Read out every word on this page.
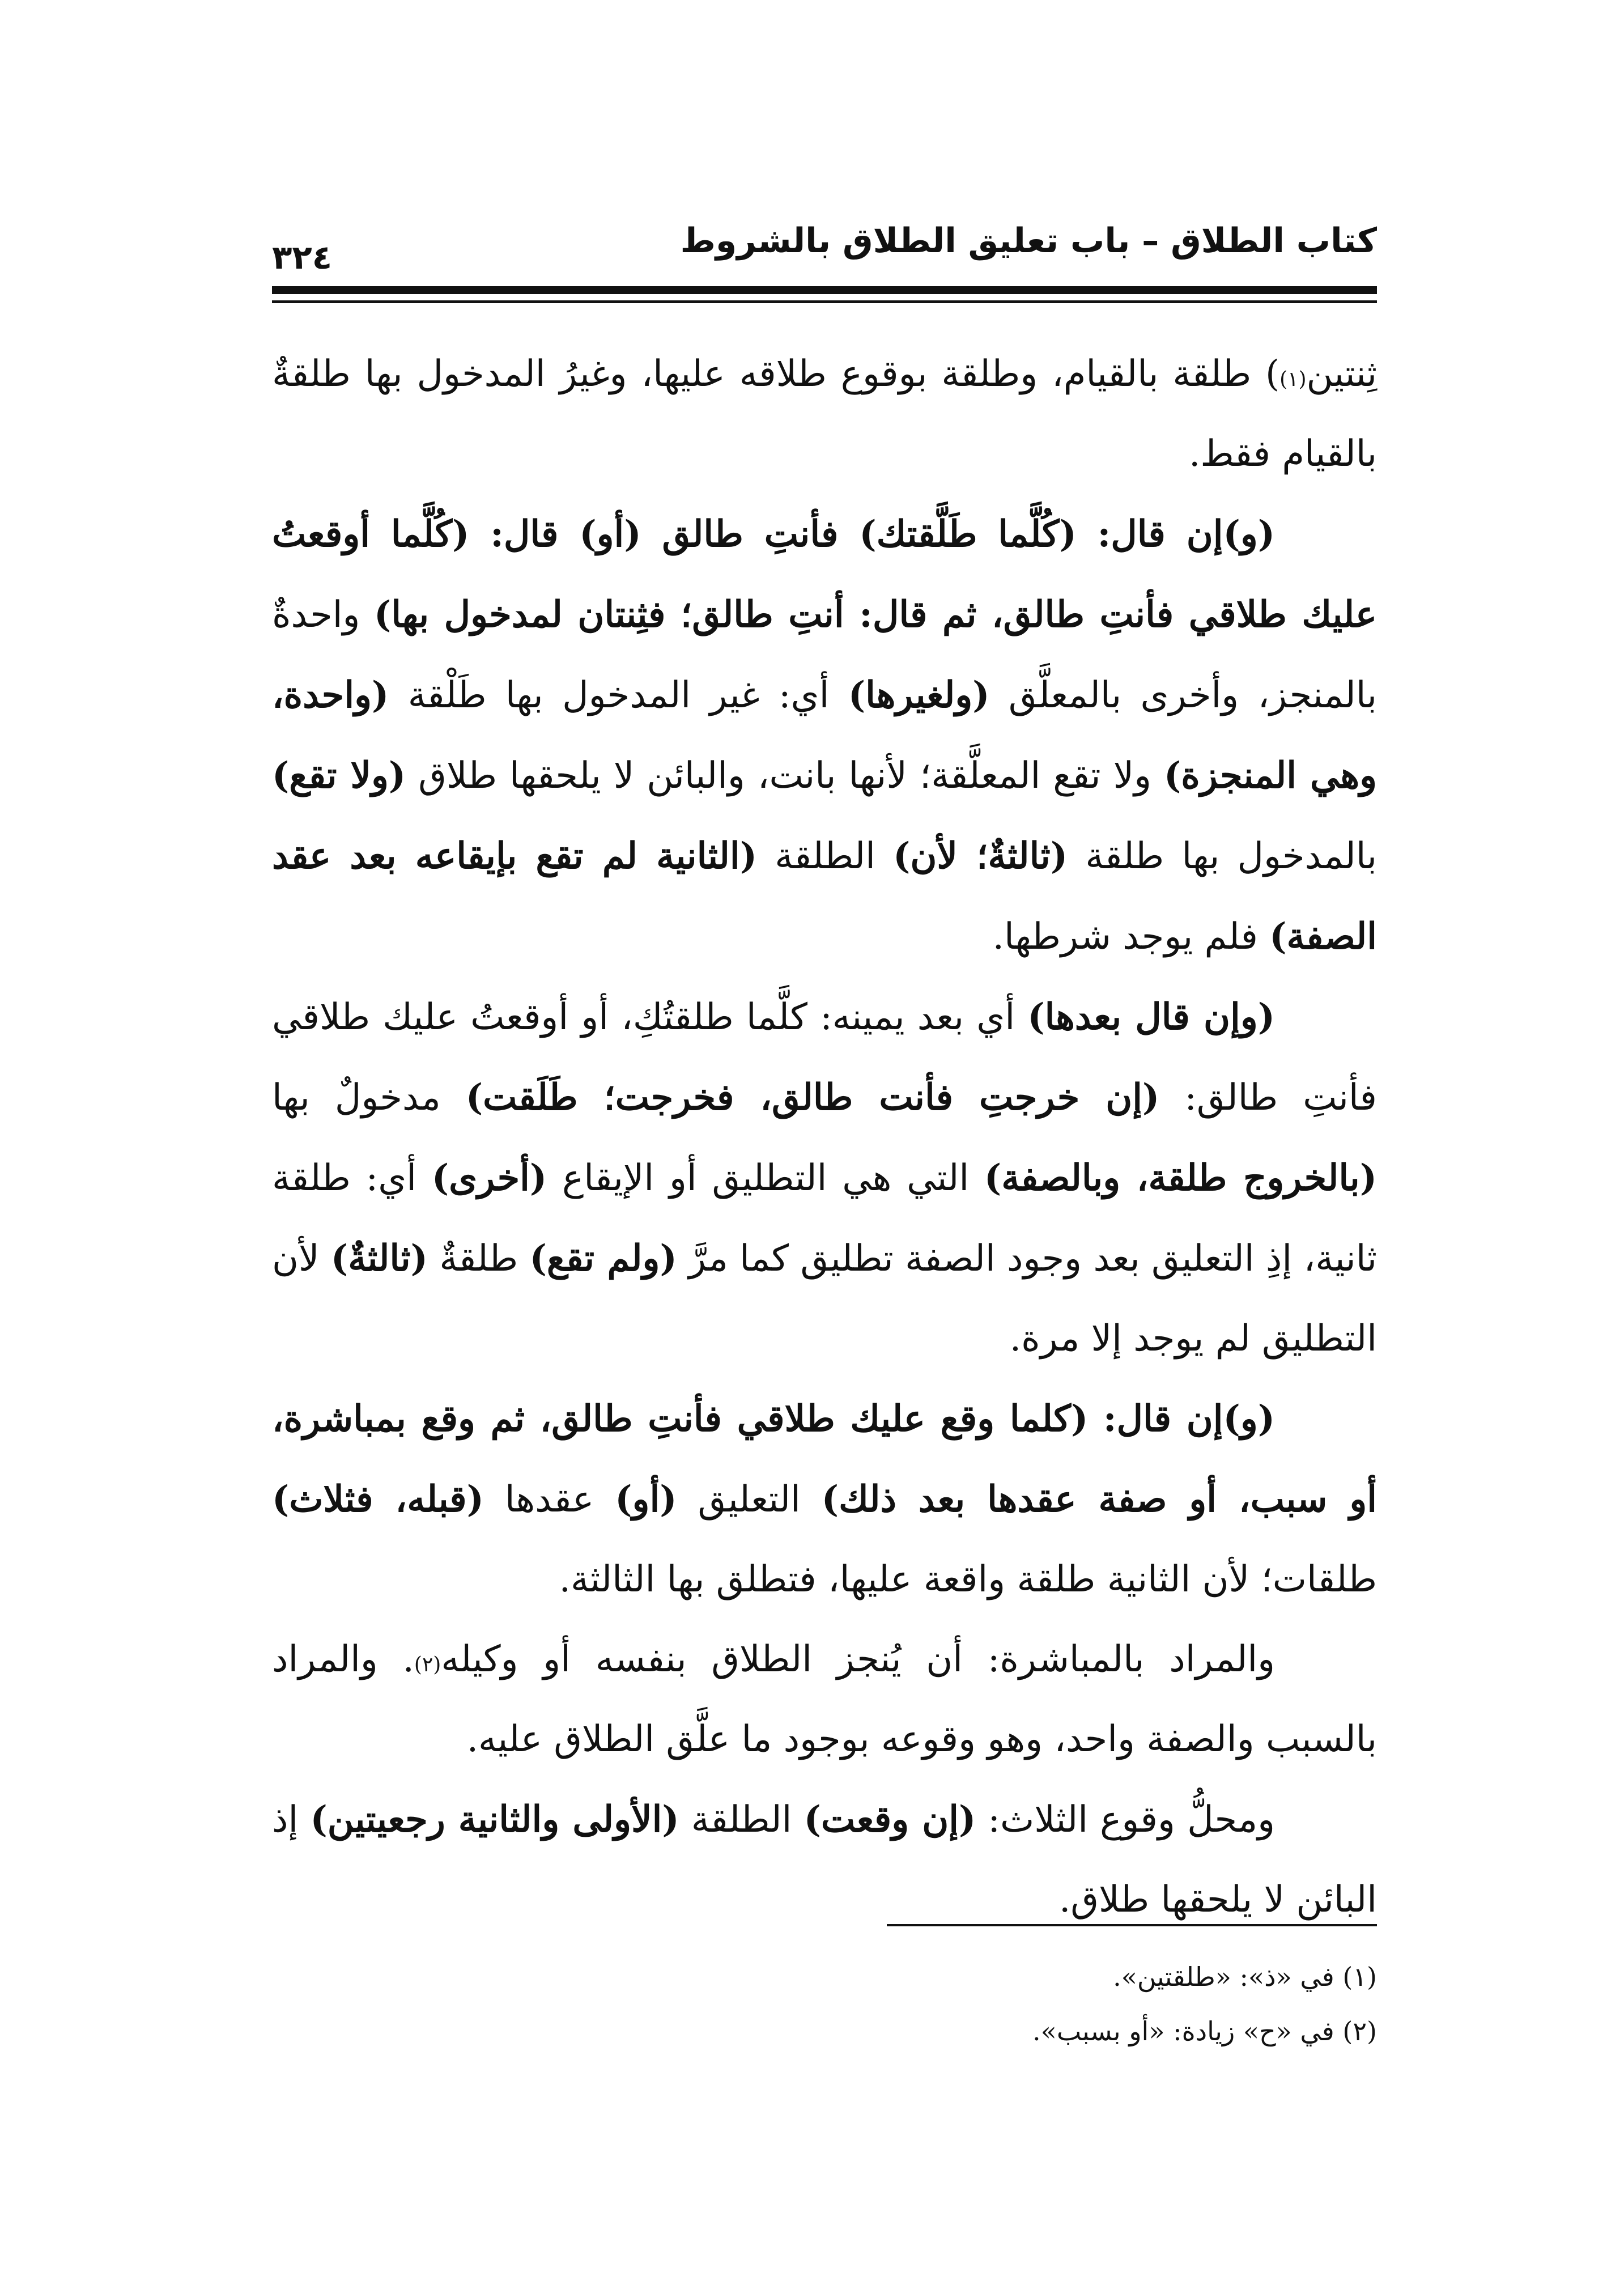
كتاب الطلاق – باب تعليق الطلاق بالشروط
٣٢٤

ثِنتين$^{(١)}$) طلقة بالقيام، وطلقة بوقوع طلاقه عليها، وغيرُ المدخول بها طلقةٌ بالقيام فقط.

(و)إن قال: (كُلَّما طَلَّقتك) فأنتِ طالق (أو) قال: (كُلَّما أوقعتُ عليك طلاقي فأنتِ طالق، ثم قال: أنتِ طالق؛ فثِنتان لمدخول بها) واحدةٌ بالمنجز، وأخرى بالمعلَّق (ولغيرها) أي: غير المدخول بها طَلْقة (واحدة، وهي المنجزة) ولا تقع المعلَّقة؛ لأنها بانت، والبائن لا يلحقها طلاق (ولا تقع) بالمدخول بها طلقة (ثالثةٌ؛ لأن) الطلقة (الثانية لم تقع بإيقاعه بعد عقد الصفة) فلم يوجد شرطها.

(وإن قال بعدها) أي بعد يمينه: كلَّما طلقتُكِ، أو أوقعتُ عليك طلاقي فأنتِ طالق: (إن خرجتِ فأنت طالق، فخرجت؛ طَلَقت) مدخولٌ بها (بالخروج طلقة، وبالصفة) التي هي التطليق أو الإيقاع (أخرى) أي: طلقة ثانية، إذِ التعليق بعد وجود الصفة تطليق كما مرَّ (ولم تقع) طلقةٌ (ثالثةٌ) لأن التطليق لم يوجد إلا مرة.

(و)إن قال: (كلما وقع عليك طلاقي فأنتِ طالق، ثم وقع بمباشرة، أو سبب، أو صفة عقدها بعد ذلك) التعليق (أو) عقدها (قبله، فثلاث) طلقات؛ لأن الثانية طلقة واقعة عليها، فتطلق بها الثالثة.

والمراد بالمباشرة: أن يُنجز الطلاق بنفسه أو وكيله$^{(٢)}$. والمراد بالسبب والصفة واحد، وهو وقوعه بوجود ما علَّق الطلاق عليه.

ومحلُّ وقوع الثلاث: (إن وقعت) الطلقة (الأولى والثانية رجعيتين) إذ البائن لا يلحقها طلاق.

(١) في «ذ»: «طلقتين».

(٢) في «ح» زيادة: «أو بسبب».
